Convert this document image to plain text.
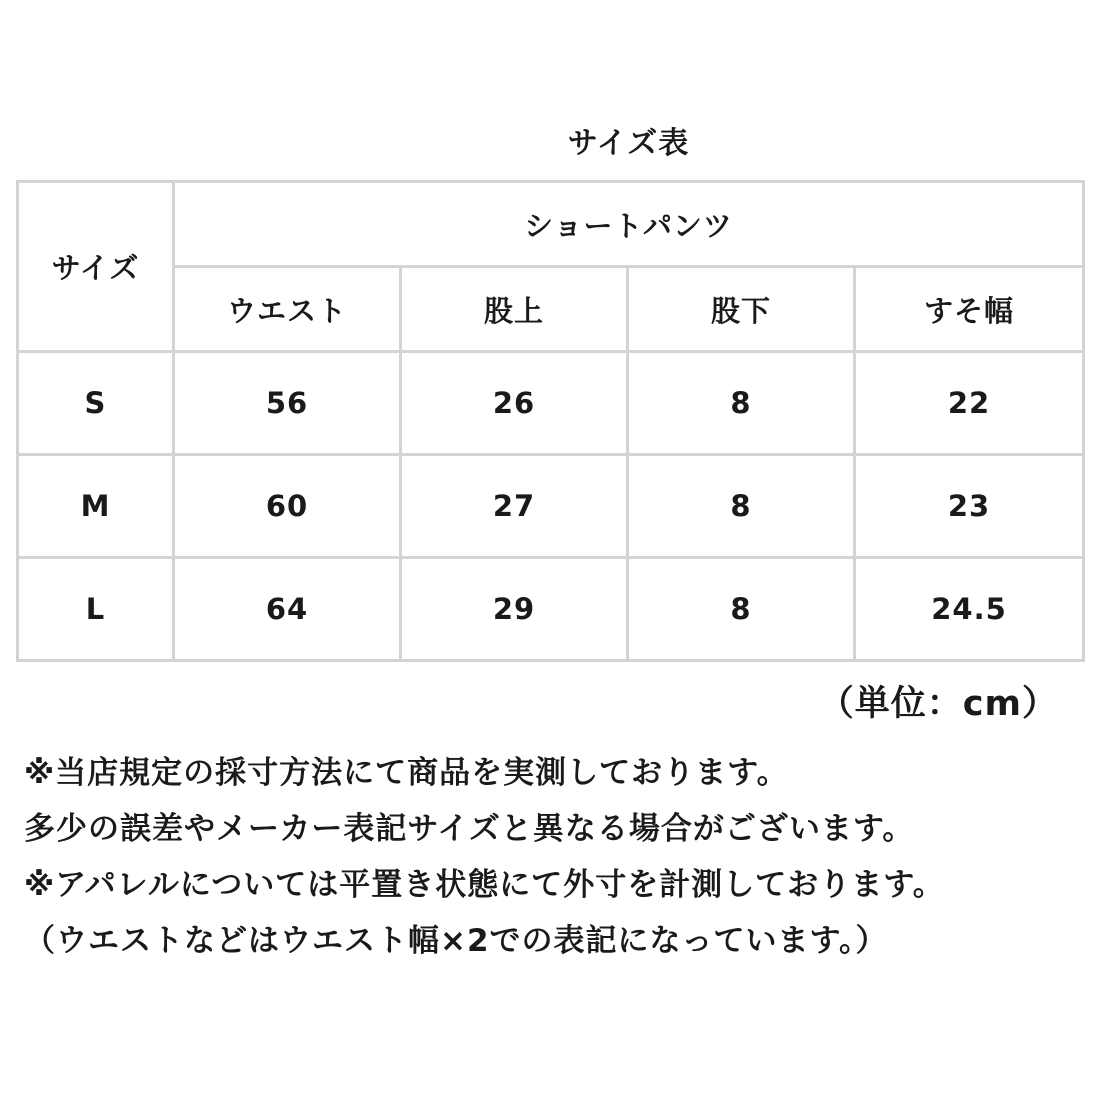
サイズ表
サイズ	ショートパンツ			
	ウエスト	股上	股下	すそ幅
S	56	26	8	22
M	60	27	8	23
L	64	29	8	24.5
（単位：cm）
※当店規定の採寸方法にて商品を実測しております。
多少の誤差やメーカー表記サイズと異なる場合がございます。
※アパレルについては平置き状態にて外寸を計測しております。
（ウエストなどはウエスト幅×2での表記になっています。）
